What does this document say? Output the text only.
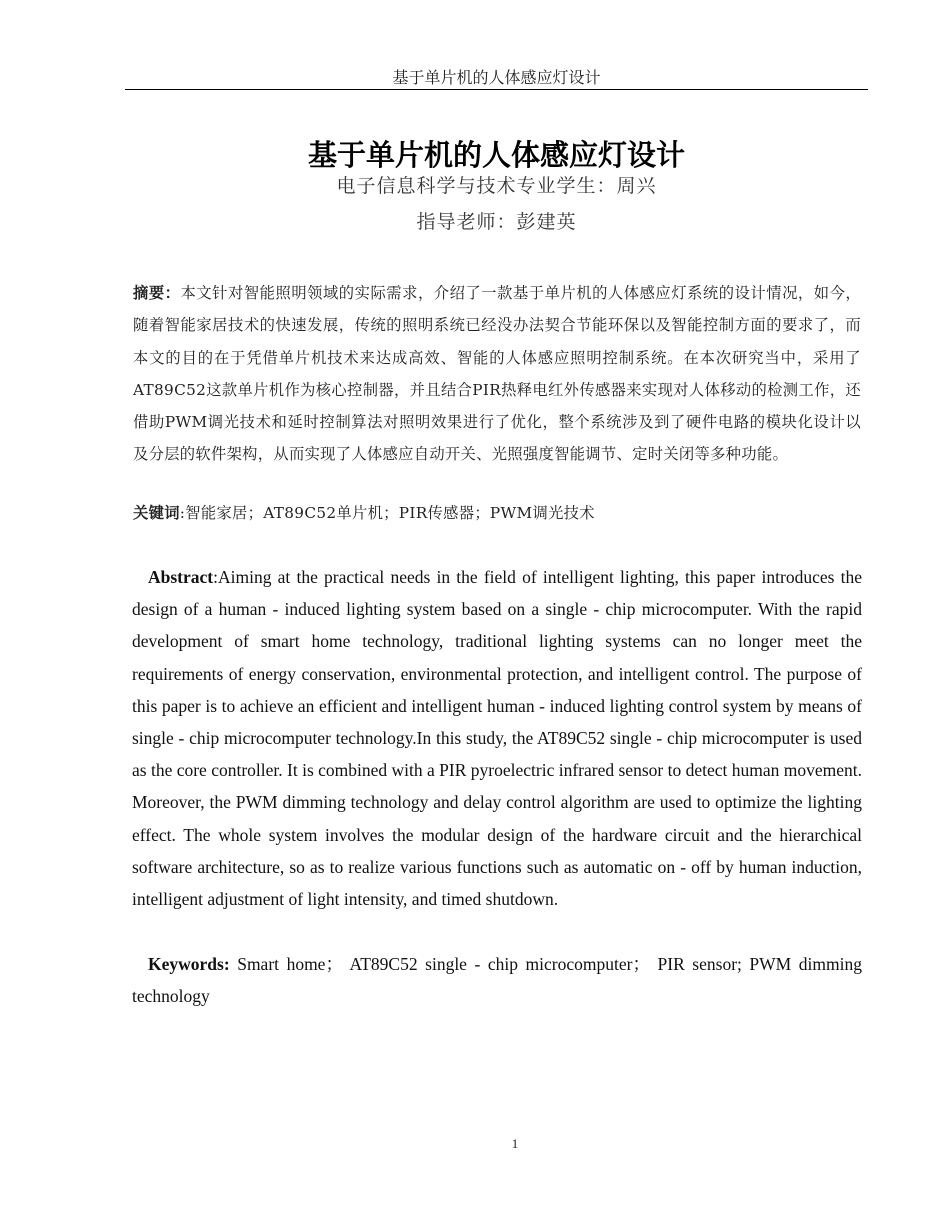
基于单片机的人体感应灯设计
基于单片机的人体感应灯设计
电子信息科学与技术专业学生：周兴
指导老师：彭建英
摘要：本文针对智能照明领域的实际需求，介绍了一款基于单片机的人体感应灯系统的设计情况，如今，随着智能家居技术的快速发展，传统的照明系统已经没办法契合节能环保以及智能控制方面的要求了，而本文的目的在于凭借单片机技术来达成高效、智能的人体感应照明控制系统。在本次研究当中，采用了AT89C52这款单片机作为核心控制器，并且结合PIR热释电红外传感器来实现对人体移动的检测工作，还借助PWM调光技术和延时控制算法对照明效果进行了优化，整个系统涉及到了硬件电路的模块化设计以及分层的软件架构，从而实现了人体感应自动开关、光照强度智能调节、定时关闭等多种功能。
关键词:智能家居；AT89C52单片机；PIR传感器；PWM调光技术
Abstract:Aiming at the practical needs in the field of intelligent lighting, this paper introduces the design of a human - induced lighting system based on a single - chip microcomputer. With the rapid development of smart home technology, traditional lighting systems can no longer meet the requirements of energy conservation, environmental protection, and intelligent control. The purpose of this paper is to achieve an efficient and intelligent human - induced lighting control system by means of single - chip microcomputer technology.In this study, the AT89C52 single - chip microcomputer is used as the core controller. It is combined with a PIR pyroelectric infrared sensor to detect human movement. Moreover, the PWM dimming technology and delay control algorithm are used to optimize the lighting effect. The whole system involves the modular design of the hardware circuit and the hierarchical software architecture, so as to realize various functions such as automatic on - off by human induction, intelligent adjustment of light intensity, and timed shutdown.
Keywords: Smart home； AT89C52 single - chip microcomputer； PIR sensor; PWM dimming technology
1
